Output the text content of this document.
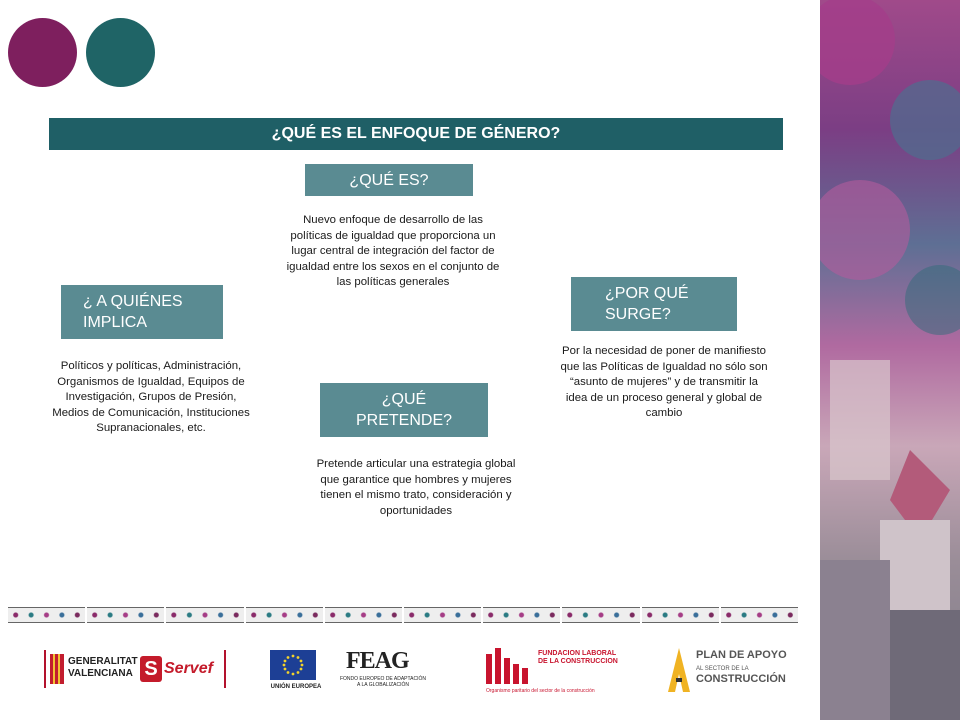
¿QUÉ ES EL ENFOQUE DE GÉNERO?
¿QUÉ ES?
Nuevo enfoque de desarrollo de las políticas de igualdad que proporciona un lugar central de integración del factor de igualdad entre los sexos en el conjunto de las políticas generales
¿ A QUIÉNES IMPLICA
Políticos y políticas, Administración, Organismos de Igualdad, Equipos de Investigación, Grupos de Presión, Medios de Comunicación, Instituciones Supranacionales, etc.
¿POR QUÉ SURGE?
Por la necesidad de poner de manifiesto que las Políticas de Igualdad no sólo son “asunto de mujeres” y de transmitir la idea de un proceso general y global de cambio
¿QUÉ PRETENDE?
Pretende articular una estrategia global que garantice que hombres y mujeres tienen el mismo trato, consideración y oportunidades
GENERALITAT VALENCIANA S Servef
UNIÓN EUROPEA
FEAG
FONDO EUROPEO DE ADAPTACIÓN A LA GLOBALIZACIÓN
FUNDACION LABORAL DE LA CONSTRUCCION
Organismo paritario del sector de la construcción
PLAN DE APOYO
AL SECTOR DE LA
CONSTRUCCIÓN
